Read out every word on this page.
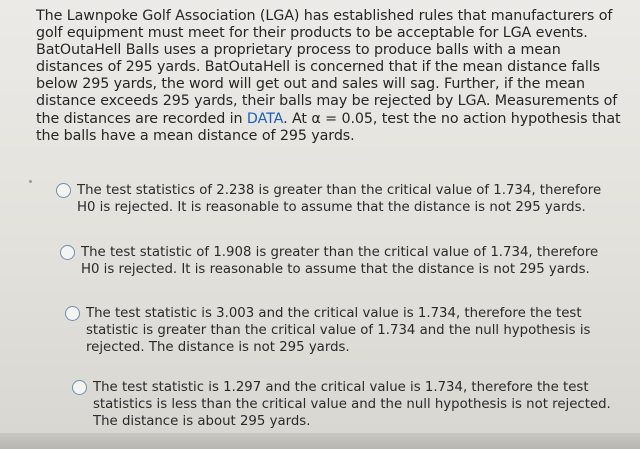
The Lawnpoke Golf Association (LGA) has established rules that manufacturers of golf equipment must meet for their products to be acceptable for LGA events. BatOutaHell Balls uses a proprietary process to produce balls with a mean distances of 295 yards. BatOutaHell is concerned that if the mean distance falls below 295 yards, the word will get out and sales will sag. Further, if the mean distance exceeds 295 yards, their balls may be rejected by LGA. Measurements of the distances are recorded in DATA. At α = 0.05, test the no action hypothesis that the balls have a mean distance of 295 yards.
The test statistics of 2.238 is greater than the critical value of 1.734, therefore H0 is rejected. It is reasonable to assume that the distance is not 295 yards.
The test statistic of 1.908 is greater than the critical value of 1.734, therefore H0 is rejected. It is reasonable to assume that the distance is not 295 yards.
The test statistic is 3.003 and the critical value is 1.734, therefore the test statistic is greater than the critical value of 1.734 and the null hypothesis is rejected. The distance is not 295 yards.
The test statistic is 1.297 and the critical value is 1.734, therefore the test statistics is less than the critical value and the null hypothesis is not rejected. The distance is about 295 yards.
